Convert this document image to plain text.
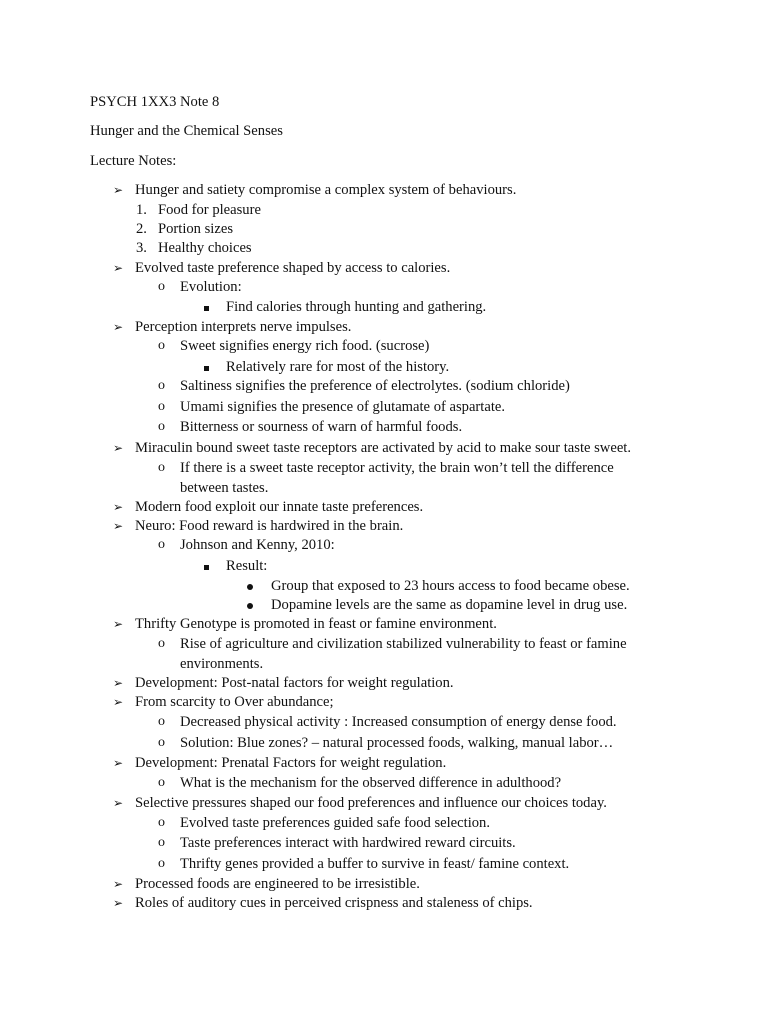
PSYCH 1XX3 Note 8
Hunger and the Chemical Senses
Lecture Notes:
➢ Hunger and satiety compromise a complex system of behaviours.
1. Food for pleasure
2. Portion sizes
3. Healthy choices
➢ Evolved taste preference shaped by access to calories.
o Evolution:
Find calories through hunting and gathering.
➢ Perception interprets nerve impulses.
o Sweet signifies energy rich food. (sucrose)
Relatively rare for most of the history.
o Saltiness signifies the preference of electrolytes. (sodium chloride)
o Umami signifies the presence of glutamate of aspartate.
o Bitterness or sourness of warn of harmful foods.
➢ Miraculin bound sweet taste receptors are activated by acid to make sour taste sweet.
o If there is a sweet taste receptor activity, the brain won’t tell the difference
between tastes.
➢ Modern food exploit our innate taste preferences.
➢ Neuro: Food reward is hardwired in the brain.
o Johnson and Kenny, 2010:
Result:
Group that exposed to 23 hours access to food became obese.
Dopamine levels are the same as dopamine level in drug use.
➢ Thrifty Genotype is promoted in feast or famine environment.
o Rise of agriculture and civilization stabilized vulnerability to feast or famine
environments.
➢ Development: Post-natal factors for weight regulation.
➢ From scarcity to Over abundance;
o Decreased physical activity : Increased consumption of energy dense food.
o Solution: Blue zones? – natural processed foods, walking, manual labor…
➢ Development: Prenatal Factors for weight regulation.
o What is the mechanism for the observed difference in adulthood?
➢ Selective pressures shaped our food preferences and influence our choices today.
o Evolved taste preferences guided safe food selection.
o Taste preferences interact with hardwired reward circuits.
o Thrifty genes provided a buffer to survive in feast/ famine context.
➢ Processed foods are engineered to be irresistible.
➢ Roles of auditory cues in perceived crispness and staleness of chips.
